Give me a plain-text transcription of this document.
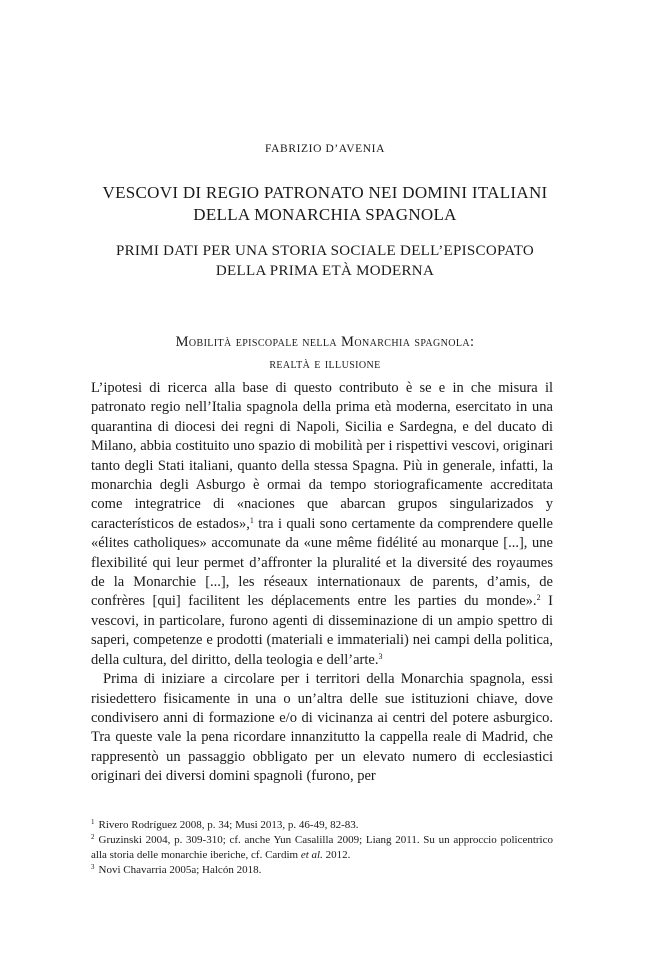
FABRIZIO D’AVENIA
VESCOVI DI REGIO PATRONATO NEI DOMINI ITALIANI
DELLA MONARCHIA SPAGNOLA
PRIMI DATI PER UNA STORIA SOCIALE DELL’EPISCOPATO
DELLA PRIMA ETÀ MODERNA
Mobilità episcopale nella Monarchia spagnola:
realtà e illusione

L’ipotesi di ricerca alla base di questo contributo è se e in che misura il patronato regio nell’Italia spagnola della prima età moderna, esercitato in una quarantina di diocesi dei regni di Napoli, Sicilia e Sardegna, e del ducato di Milano, abbia costituito uno spazio di mobilità per i rispettivi vescovi, originari tanto degli Stati italiani, quanto della stessa Spagna. Più in generale, infatti, la monarchia degli Asburgo è ormai da tempo storiograficamente accreditata come integratrice di «naciones que abarcan grupos singularizados y característicos de estados»,$^1$ tra i quali sono certamente da comprendere quelle «élites catholiques» accomunate da «une même fidélité au monarque [...], une flexibilité qui leur permet d’affronter la pluralité et la diversité des royaumes de la Monarchie [...], les réseaux internationaux de parents, d’amis, de confrères [qui] facilitent les déplacements entre les parties du monde».$^2$ I vescovi, in particolare, furono agenti di disseminazione di un ampio spettro di saperi, competenze e prodotti (materiali e immateriali) nei campi della politica, della cultura, del diritto, della teologia e dell’arte.$^3$

Prima di iniziare a circolare per i territori della Monarchia spagnola, essi risiedettero fisicamente in una o un’altra delle sue istituzioni chiave, dove condivisero anni di formazione e/o di vicinanza ai centri del potere asburgico. Tra queste vale la pena ricordare innanzitutto la cappella reale di Madrid, che rappresentò un passaggio obbligato per un elevato numero di ecclesiastici originari dei diversi domini spagnoli (furono, per

$^1$ Rivero Rodríguez 2008, p. 34; Musi 2013, p. 46-49, 82-83.

$^2$ Gruzinski 2004, p. 309-310; cf. anche Yun Casalilla 2009; Liang 2011. Su un approccio policentrico alla storia delle monarchie iberiche, cf. Cardim et al. 2012.

$^3$ Novi Chavarria 2005a; Halcón 2018.
